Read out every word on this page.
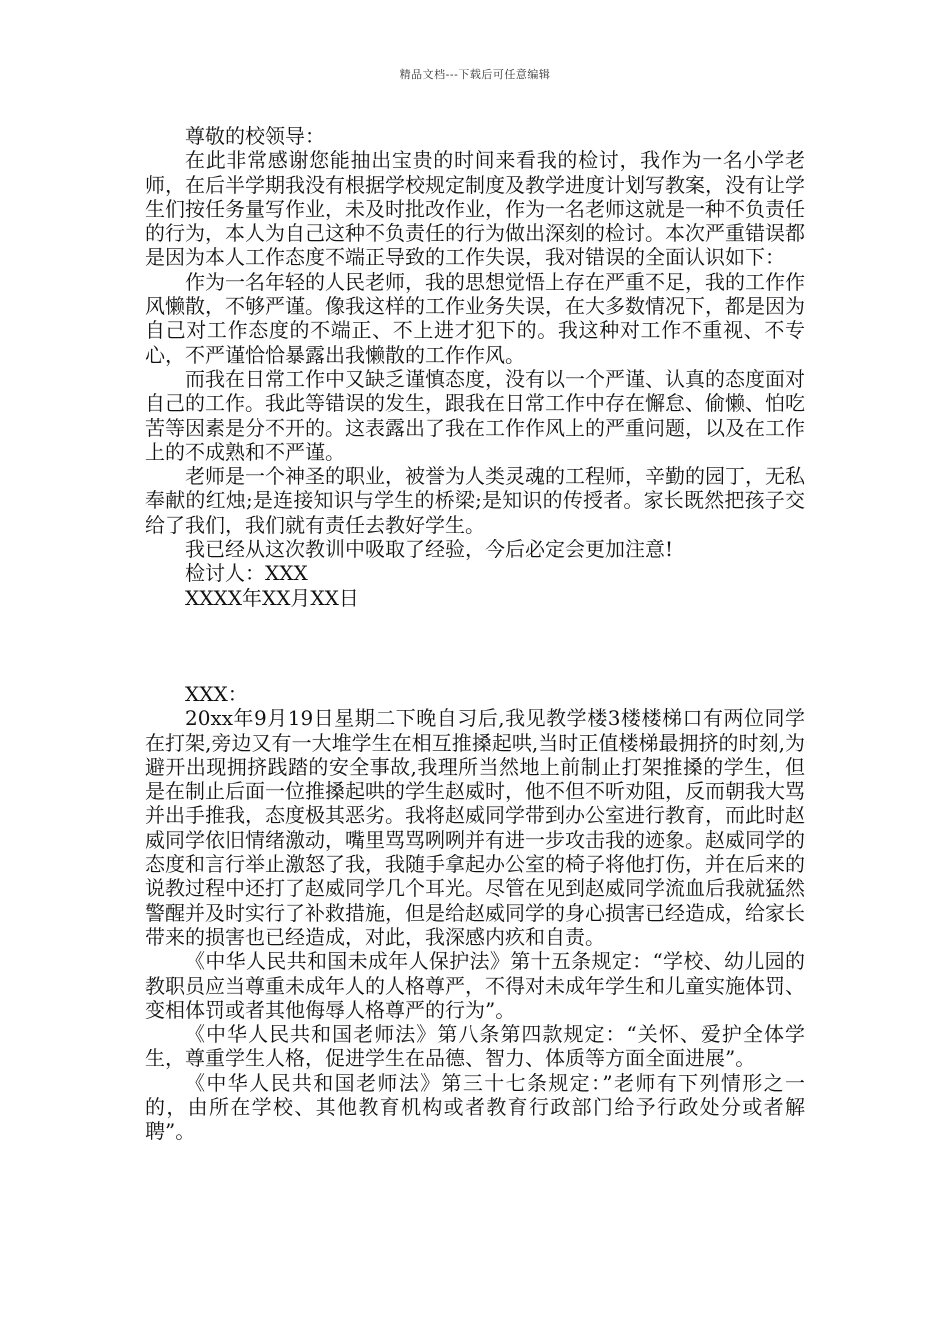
精品文档---下载后可任意编辑

尊敬的校领导：

在此非常感谢您能抽出宝贵的时间来看我的检讨，我作为一名小学老师，在后半学期我没有根据学校规定制度及教学进度计划写教案，没有让学生们按任务量写作业，未及时批改作业，作为一名老师这就是一种不负责任的行为，本人为自己这种不负责任的行为做出深刻的检讨。本次严重错误都是因为本人工作态度不端正导致的工作失误，我对错误的全面认识如下：

作为一名年轻的人民老师，我的思想觉悟上存在严重不足，我的工作作风懒散，不够严谨。像我这样的工作业务失误，在大多数情况下，都是因为自己对工作态度的不端正、不上进才犯下的。我这种对工作不重视、不专心，不严谨恰恰暴露出我懒散的工作作风。

而我在日常工作中又缺乏谨慎态度，没有以一个严谨、认真的态度面对自己的工作。我此等错误的发生，跟我在日常工作中存在懈怠、偷懒、怕吃苦等因素是分不开的。这表露出了我在工作作风上的严重问题，以及在工作上的不成熟和不严谨。

老师是一个神圣的职业，被誉为人类灵魂的工程师，辛勤的园丁，无私奉献的红烛;是连接知识与学生的桥梁;是知识的传授者。家长既然把孩子交给了我们，我们就有责任去教好学生。

我已经从这次教训中吸取了经验，今后必定会更加注意!

检讨人：XXX

XXXX年XX月XX日

XXX：

20xx年9月19日星期二下晚自习后,我见教学楼3楼楼梯口有两位同学在打架,旁边又有一大堆学生在相互推搡起哄,当时正值楼梯最拥挤的时刻,为避开出现拥挤践踏的安全事故,我理所当然地上前制止打架推搡的学生，但是在制止后面一位推搡起哄的学生赵威时，他不但不听劝阻，反而朝我大骂并出手推我，态度极其恶劣。我将赵威同学带到办公室进行教育，而此时赵威同学依旧情绪激动，嘴里骂骂咧咧并有进一步攻击我的迹象。赵威同学的态度和言行举止激怒了我，我随手拿起办公室的椅子将他打伤，并在后来的说教过程中还打了赵威同学几个耳光。尽管在见到赵威同学流血后我就猛然警醒并及时实行了补救措施，但是给赵威同学的身心损害已经造成，给家长带来的损害也已经造成，对此，我深感内疚和自责。

《中华人民共和国未成年人保护法》第十五条规定：“学校、幼儿园的教职员应当尊重未成年人的人格尊严，不得对未成年学生和儿童实施体罚、变相体罚或者其他侮辱人格尊严的行为”。

《中华人民共和国老师法》第八条第四款规定：“关怀、爱护全体学生，尊重学生人格，促进学生在品德、智力、体质等方面全面进展”。

《中华人民共和国老师法》第三十七条规定：”老师有下列情形之一的，由所在学校、其他教育机构或者教育行政部门给予行政处分或者解聘”。
